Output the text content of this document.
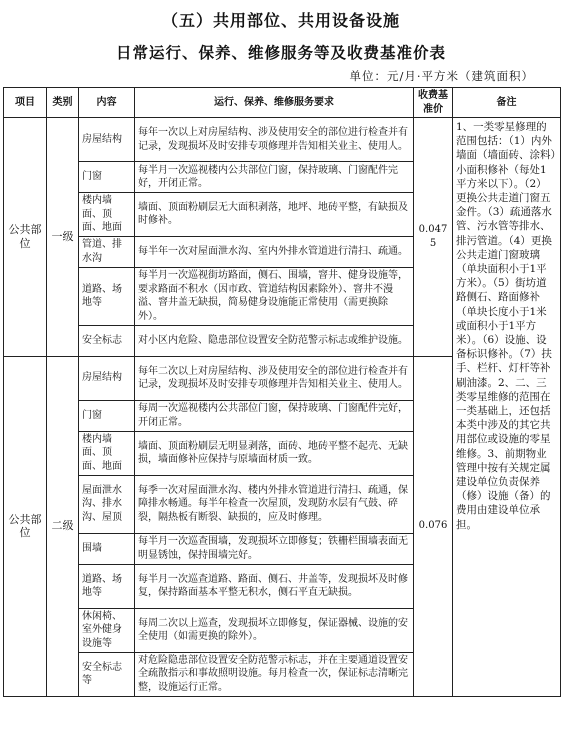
（五）共用部位、共用设备设施
日常运行、保养、维修服务等及收费基准价表
单位：元/月·平方米（建筑面积）
项目	类别	内容	运行、保养、维修服务要求	收费基准价	备注
公共部位	一级	房屋结构	每年一次以上对房屋结构、涉及使用安全的部位进行检查并有记录，发现损坏及时安排专项修理并告知相关业主、使用人。	0.0475	1、一类零星修理的范围包括：（1）内外墙面（墙面砖、涂料）小面积修补（每处1平方米以下）。（2）更换公共走道门窗五金件。（3）疏通落水管、污水管等排水、排污管道。（4）更换公共走道门窗玻璃（单块面积小于1平方米）。（5）街坊道路侧石、路面修补（单块长度小于1米或面积小于1平方米）。（6）设施、设备标识修补。（7）扶手、栏杆、灯杆等补刷油漆。2、二、三类零星维修的范围在一类基础上，还包括本类中涉及的其它共用部位或设施的零星维修。3、前期物业管理中按有关规定属建设单位负责保养（修）设施（备）的费用由建设单位承担。
		门窗	每半月一次巡视楼内公共部位门窗，保持玻璃、门窗配件完好，开闭正常。		
		楼内墙面、顶面、地面	墙面、顶面粉刷层无大面积剥落，地坪、地砖平整，有缺损及时修补。		
		管道、排水沟	每半年一次对屋面泄水沟、室内外排水管道进行清扫、疏通。		
		道路、场地等	每半月一次巡视街坊路面，侧石、围墙，窨井、健身设施等，要求路面不积水（因市政、管道结构因素除外）、窨井不漫溢、窨井盖无缺损，简易健身设施能正常使用（需更换除外）。		
		安全标志	对小区内危险、隐患部位设置安全防范警示标志或维护设施。		
公共部位	二级	房屋结构	每年二次以上对房屋结构、涉及使用安全的部位进行检查并有记录，发现损坏及时安排专项修理并告知相关业主、使用人。	0.076	
		门窗	每周一次巡视楼内公共部位门窗，保持玻璃、门窗配件完好，开闭正常。		
		楼内墙面、顶面、地面	墙面、顶面粉刷层无明显剥落，面砖、地砖平整不起壳、无缺损，墙面修补应保持与原墙面材质一致。		
		屋面泄水沟、排水沟、屋顶	每季一次对屋面泄水沟、楼内外排水管道进行清扫、疏通，保障排水畅通。每半年检查一次屋顶，发现防水层有气鼓、碎裂，隔热板有断裂、缺损的，应及时修理。		
		围墙	每半月一次巡查围墙，发现损坏立即修复；铁栅栏围墙表面无明显锈蚀，保持围墙完好。		
		道路、场地等	每半月一次巡查道路、路面、侧石、井盖等，发现损坏及时修复，保持路面基本平整无积水，侧石平直无缺损。		
		休闲椅、室外健身设施等	每周二次以上巡查，发现损坏立即修复，保证器械、设施的安全使用（如需更换的除外）。		
		安全标志等	对危险隐患部位设置安全防范警示标志，并在主要通道设置安全疏散指示和事故照明设施。每月检查一次，保证标志清晰完整，设施运行正常。		
